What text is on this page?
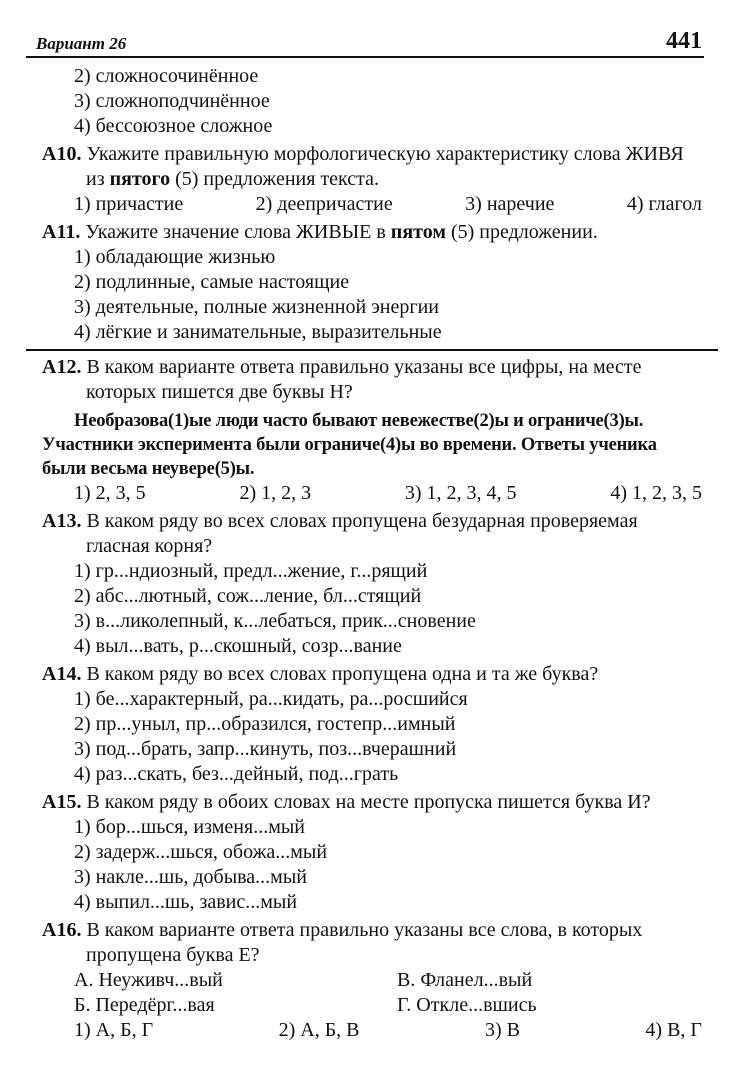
Вариант 26	441
2) сложносочинённое
3) сложноподчинённое
4) бессоюзное сложное
А10. Укажите правильную морфологическую характеристику слова ЖИВЯ из пятого (5) предложения текста.
1) причастие	2) деепричастие	3) наречие	4) глагол
А11. Укажите значение слова ЖИВЫЕ в пятом (5) предложении.
1) обладающие жизнью
2) подлинные, самые настоящие
3) деятельные, полные жизненной энергии
4) лёгкие и занимательные, выразительные
А12. В каком варианте ответа правильно указаны все цифры, на месте которых пишется две буквы Н?
Необразова(1)ые люди часто бывают невежестве(2)ы и ограниче(3)ы. Участники эксперимента были ограниче(4)ы во времени. Ответы ученика были весьма неувере(5)ы.
1) 2, 3, 5	2) 1, 2, 3	3) 1, 2, 3, 4, 5	4) 1, 2, 3, 5
А13. В каком ряду во всех словах пропущена безударная проверяемая гласная корня?
1) гр...ндиозный, предл...жение, г...рящий
2) абс...лютный, сож...ление, бл...стящий
3) в...ликолепный, к...лебаться, прик...сновение
4) выл...вать, р...скошный, созр...вание
А14. В каком ряду во всех словах пропущена одна и та же буква?
1) бе...характерный, ра...кидать, ра...росшийся
2) пр...уныл, пр...образился, гостепр...имный
3) под...брать, запр...кинуть, поз...вчерашний
4) раз...скать, без...дейный, под...грать
А15. В каком ряду в обоих словах на месте пропуска пишется буква И?
1) бор...шься, изменя...мый
2) задерж...шься, обожа...мый
3) накле...шь, добыва...мый
4) выпил...шь, завис...мый
А16. В каком варианте ответа правильно указаны все слова, в которых пропущена буква Е?
А. Неуживч...вый	В. Фланел...вый
Б. Передёрг...вая	Г. Откле...вшись
1) А, Б, Г	2) А, Б, В	3) В	4) В, Г
